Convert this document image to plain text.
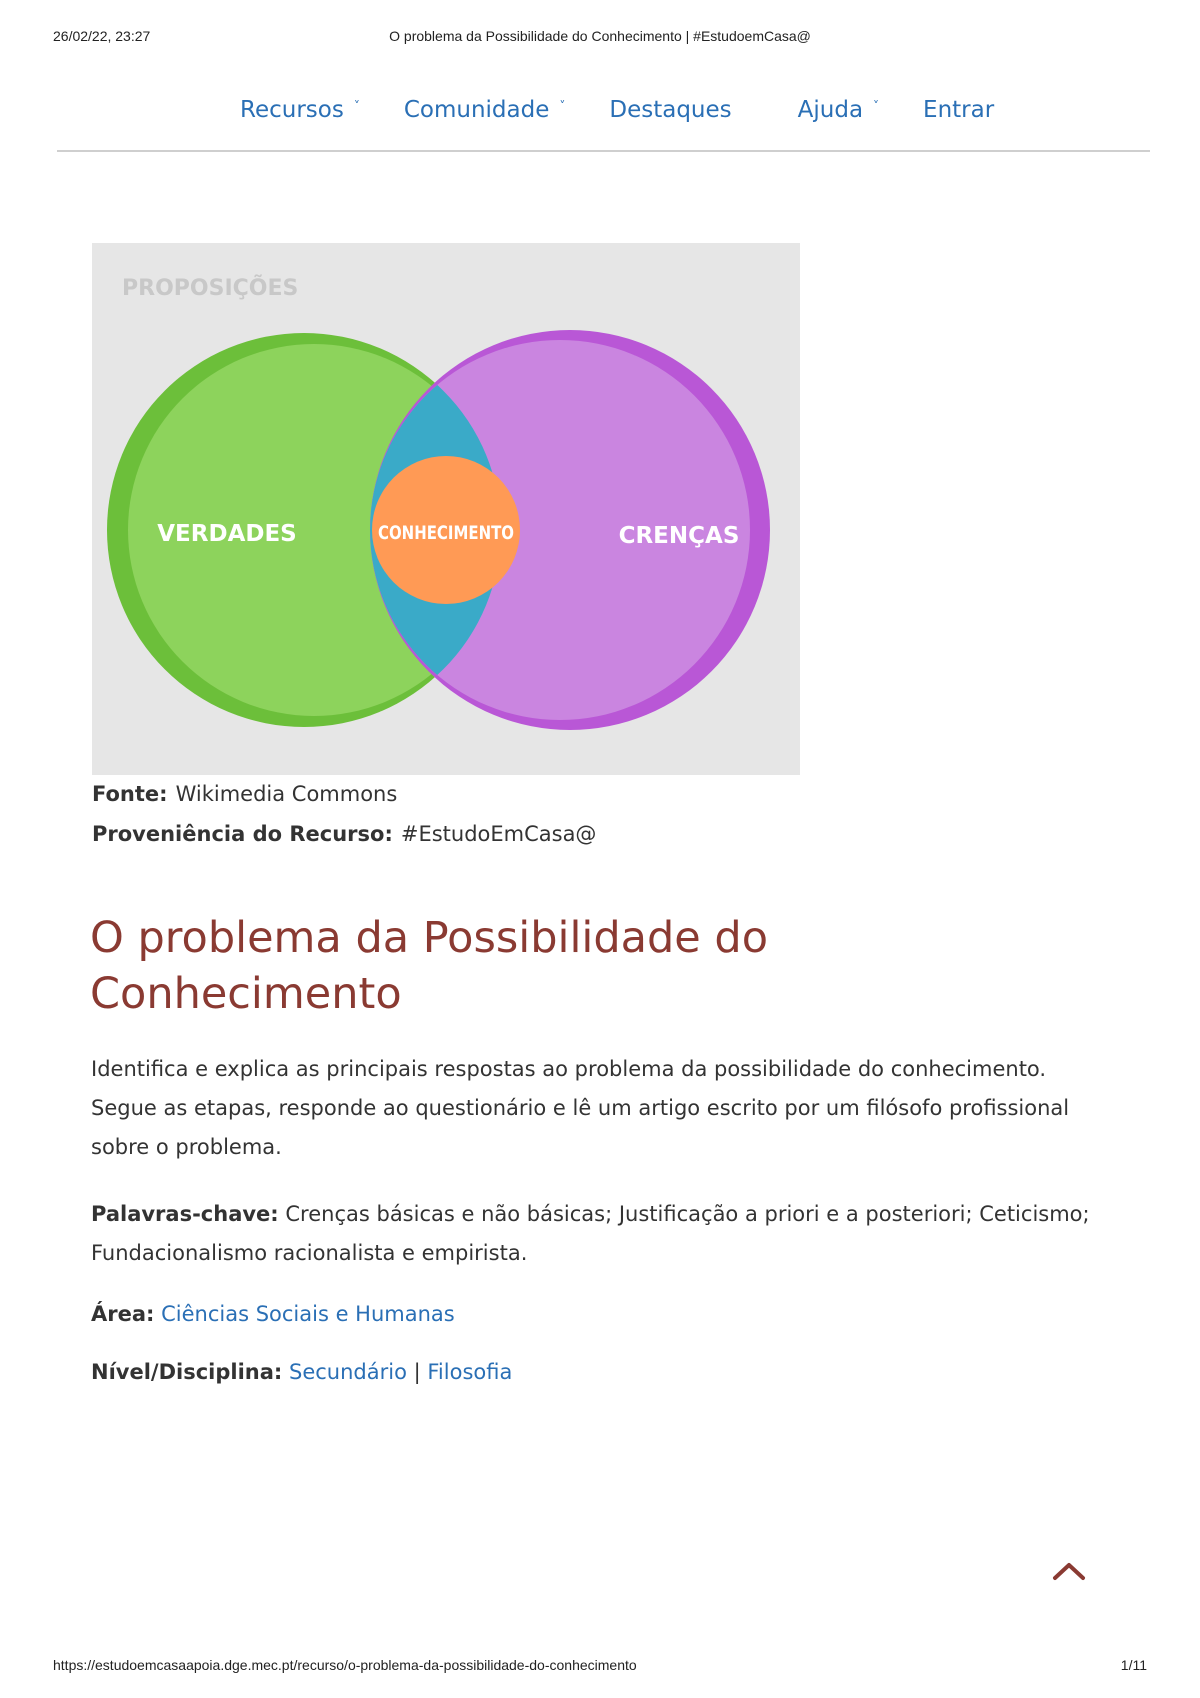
26/02/22, 23:27	O problema da Possibilidade do Conhecimento | #EstudoemCasa@
Recursos ˅ Comunidade ˅ Destaques	Ajuda ˅ Entrar
PROPOSIÇÕES
VERDADES	CONHECIMENTO	CRENÇAS
Fonte: Wikimedia Commons
Proveniência do Recurso: #EstudoEmCasa@
O problema da Possibilidade do Conhecimento

Identifica e explica as principais respostas ao problema da possibilidade do conhecimento. Segue as etapas, responde ao questionário e lê um artigo escrito por um filósofo profissional sobre o problema.

Palavras-chave: Crenças básicas e não básicas; Justificação a priori e a posteriori; Ceticismo; Fundacionalismo racionalista e empirista.

Área: Ciências Sociais e Humanas

Nível/Disciplina: Secundário | Filosofia

https://estudoemcasaapoia.dge.mec.pt/recurso/o-problema-da-possibilidade-do-conhecimento	1/11
